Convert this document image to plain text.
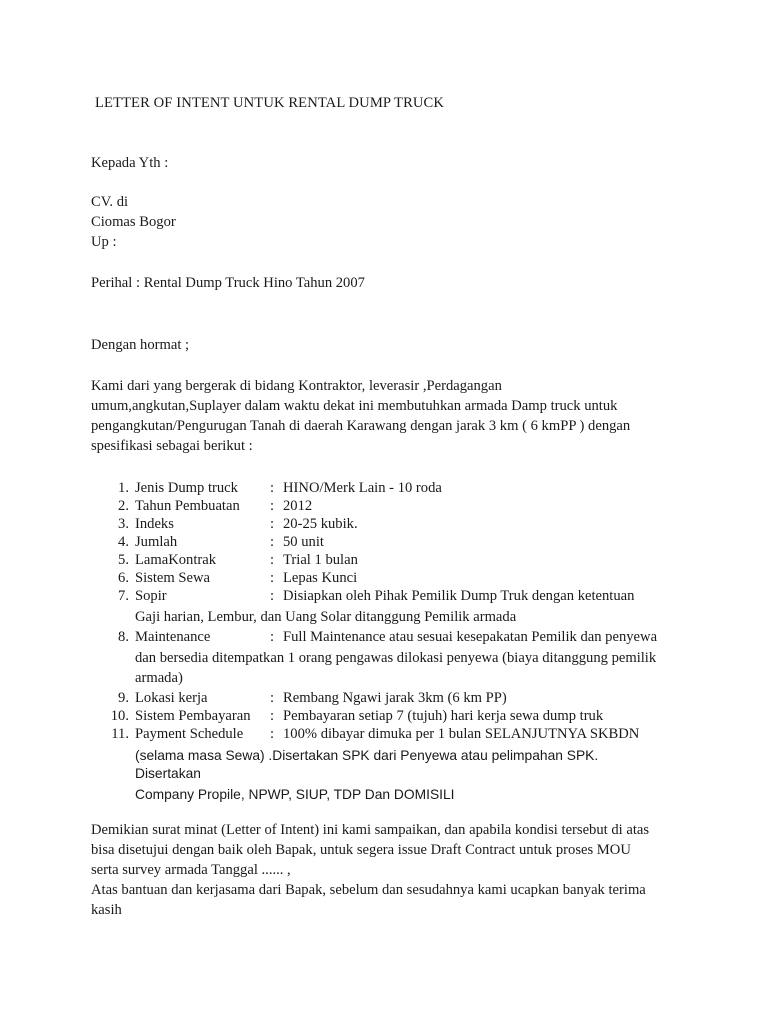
LETTER OF INTENT UNTUK RENTAL DUMP TRUCK
Kepada Yth :
CV. di
Ciomas Bogor
Up :
Perihal : Rental Dump Truck Hino Tahun 2007
Dengan hormat ;
Kami dari yang bergerak di bidang Kontraktor, leverasir ,Perdagangan
umum,angkutan,Suplayer dalam waktu dekat ini membutuhkan armada Damp truck untuk
pengangkutan/Pengurugan Tanah di daerah Karawang dengan jarak 3 km ( 6 kmPP ) dengan
spesifikasi sebagai berikut :
1. Jenis Dump truck : HINO/Merk Lain - 10 roda
2. Tahun Pembuatan : 2012
3. Indeks	: 20-25 kubik.
4. Jumlah	: 50 unit
5. LamaKontrak	: Trial 1 bulan
6. Sistem Sewa	: Lepas Kunci
7. Sopir	: Disiapkan oleh Pihak Pemilik Dump Truk dengan ketentuan
Gaji harian, Lembur, dan Uang Solar ditanggung Pemilik armada
8. Maintenance	: Full Maintenance atau sesuai kesepakatan Pemilik dan penyewa
dan bersedia ditempatkan 1 orang pengawas dilokasi penyewa (biaya ditanggung pemilik
armada)
9. Lokasi kerja	: Rembang Ngawi jarak 3km (6 km PP)
10. Sistem Pembayaran : Pembayaran setiap 7 (tujuh) hari kerja sewa dump truk
11. Payment Schedule : 100% dibayar dimuka per 1 bulan SELANJUTNYA SKBDN
(selama masa Sewa) .Disertakan SPK dari Penyewa atau pelimpahan SPK. Disertakan
Company Propile, NPWP, SIUP, TDP Dan DOMISILI
Demikian surat minat (Letter of Intent) ini kami sampaikan, dan apabila kondisi tersebut di atas
bisa disetujui dengan baik oleh Bapak, untuk segera issue Draft Contract untuk proses MOU
serta survey armada Tanggal ...... ,
Atas bantuan dan kerjasama dari Bapak, sebelum dan sesudahnya kami ucapkan banyak terima
kasih
